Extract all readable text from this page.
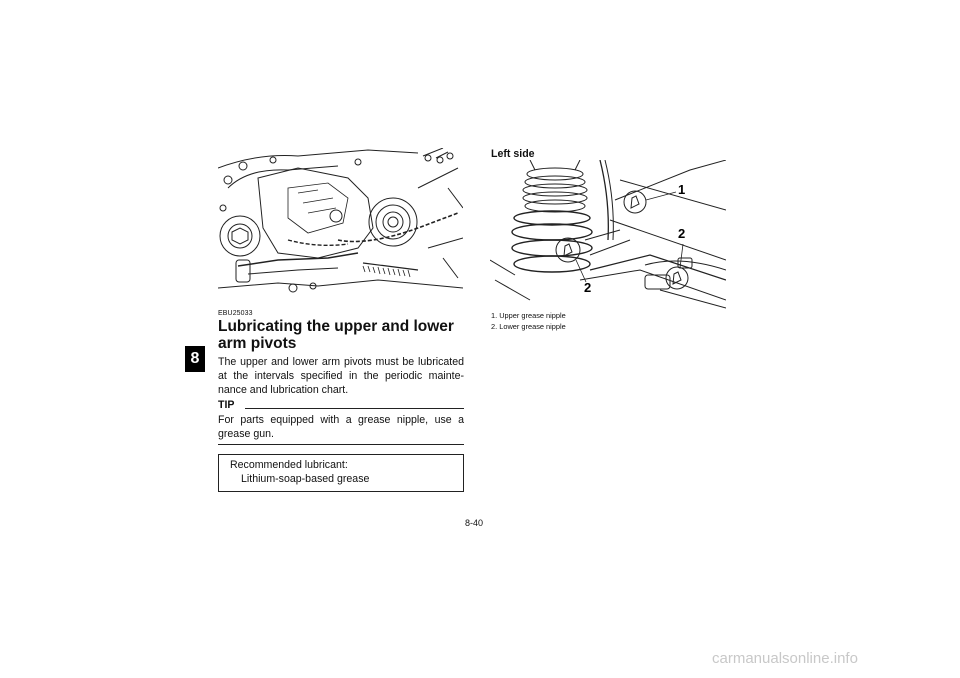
8
EBU25033
Lubricating the upper and lower arm pivots

The upper and lower arm pivots must be lubricated at the intervals specified in the periodic mainte-nance and lubrication chart.

TIP

For parts equipped with a grease nipple, use a grease gun.

Recommended lubricant:
Lithium-soap-based grease
Left side
1
2
2
1. Upper grease nipple
2. Lower grease nipple
8-40
carmanualsonline.info
